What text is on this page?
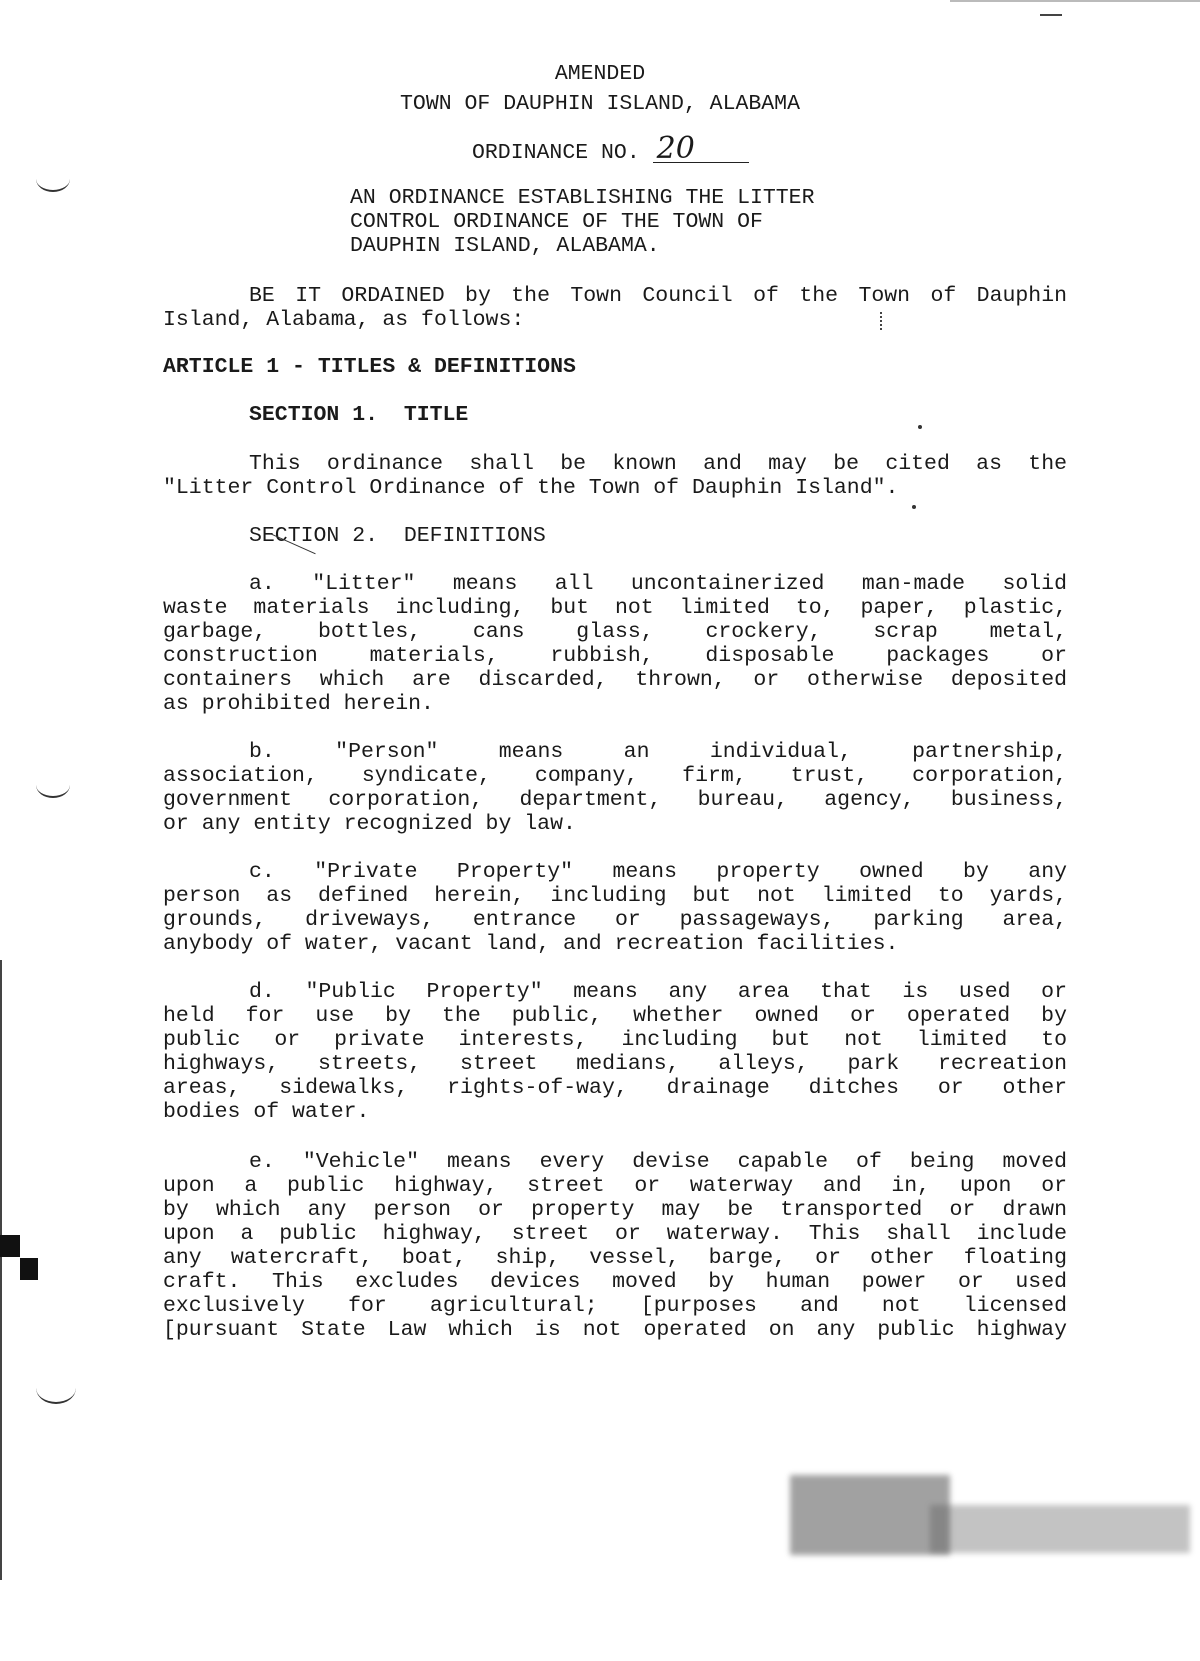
AMENDED
TOWN OF DAUPHIN ISLAND, ALABAMA
ORDINANCE NO. 20
AN ORDINANCE ESTABLISHING THE LITTER
CONTROL ORDINANCE OF THE TOWN OF
DAUPHIN ISLAND, ALABAMA.
BE IT ORDAINED by the Town Council of the Town of Dauphin
Island, Alabama, as follows:
ARTICLE 1 - TITLES & DEFINITIONS
SECTION 1.  TITLE
This ordinance shall be known and may be cited as the
"Litter Control Ordinance of the Town of Dauphin Island".
SECTION 2.  DEFINITIONS
a. "Litter" means all uncontainerized man-made solid
waste materials including, but not limited to, paper, plastic,
garbage, bottles, cans glass, crockery, scrap metal,
construction materials, rubbish, disposable packages or
containers which are discarded, thrown, or otherwise deposited
as prohibited herein.
b. "Person" means an individual, partnership,
association, syndicate, company, firm, trust, corporation,
government corporation, department, bureau, agency, business,
or any entity recognized by law.
c. "Private Property" means property owned by any
person as defined herein, including but not limited to yards,
grounds, driveways, entrance or passageways, parking area,
anybody of water, vacant land, and recreation facilities.
d. "Public Property" means any area that is used or
held for use by the public, whether owned or operated by
public or private interests, including but not limited to
highways, streets, street medians, alleys, park recreation
areas, sidewalks, rights-of-way, drainage ditches or other
bodies of water.
e. "Vehicle" means every devise capable of being moved
upon a public highway, street or waterway and in, upon or
by which any person or property may be transported or drawn
upon a public highway, street or waterway. This shall include
any watercraft, boat, ship, vessel, barge, or other floating
craft. This excludes devices moved by human power or used
exclusively for agricultural; [purposes and not licensed
[pursuant State Law which is not operated on any public highway
